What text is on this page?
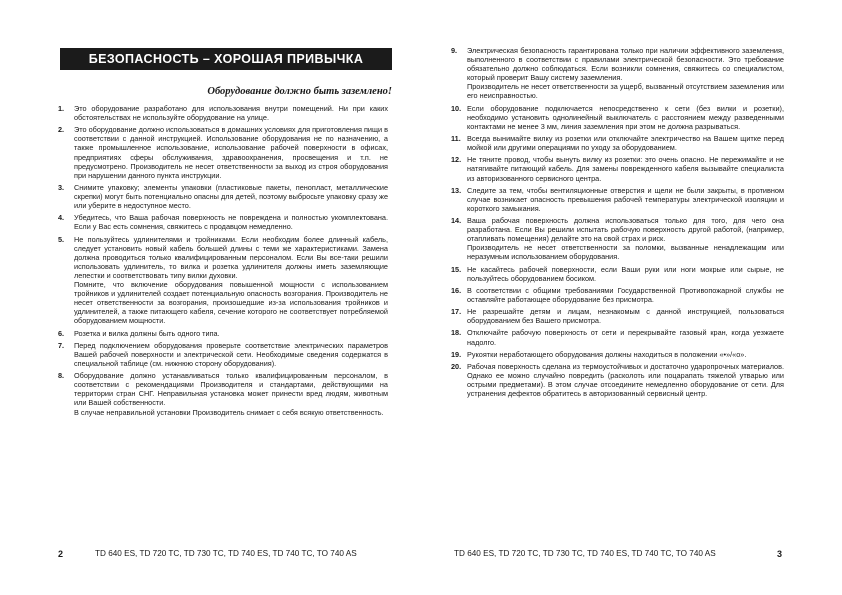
БЕЗОПАСНОСТЬ – ХОРОШАЯ ПРИВЫЧКА
Оборудование должно быть заземлено!
1.	Это оборудование разработано для использования внутри помещений. Ни при каких обстоятельствах не используйте оборудование на улице.

2.	Это оборудование должно использоваться в домашних условиях для приготовления пищи в соответствии с данной инструкцией. Использование оборудования не по назначению, а также промышленное использование, использование рабочей поверхности в офисах, предприятиях сферы обслуживания, здравоохранения, просвещения и т.п. не предусмотрено. Производитель не несет ответственности за выход из строя оборудования при нарушении данного пункта инструкции.

3.	Снимите упаковку; элементы упаковки (пластиковые пакеты, пенопласт, металлические скрепки) могут быть потенциально опасны для детей, поэтому выбросьте упаковку сразу же или уберите в недоступное место.

4.	Убедитесь, что Ваша рабочая поверхность не повреждена и полностью укомплектована. Если у Вас есть сомнения, свяжитесь с продавцом немедленно.

5.	Не пользуйтесь удлинителями и тройниками. Если необходим более длинный кабель, следует установить новый кабель большей длины с теми же характеристиками. Замена должна проводиться только квалифицированным персоналом. Если Вы все-таки решили использовать удлинитель, то вилка и розетка удлинителя должны иметь заземляющие лепестки и соответствовать типу вилки духовки.

Помните, что включение оборудования повышенной мощности с использованием тройников и удлинителей создает потенциальную опасность возгорания. Производитель не несет ответственности за возгорания, произошедшие из-за использования тройников и удлинителей, а также питающего кабеля, сечение которого не соответствует потребляемой оборудованием мощности.

6.	Розетка и вилка должны быть одного типа.

7.	Перед подключением оборудования проверьте соответствие электрических параметров Вашей рабочей поверхности и электрической сети. Необходимые сведения содержатся в специальной таблице (см. нижнюю сторону оборудования).

8.	Оборудование должно устанавливаться только квалифицированным персоналом, в соответствии с рекомендациями Производителя и стандартами, действующими на территории стран СНГ. Неправильная установка может принести вред людям, животным или Вашей собственности.

В случае неправильной установки Производитель снимает с себя всякую ответственность.

2	TD 640 ES, TD 720 TC, TD 730 TC, TD 740 ES, TD 740 TC, TO 740 AS
9.	Электрическая безопасность гарантирована только при наличии эффективного заземления, выполненного в соответствии с правилами электрической безопасности. Это требование обязательно должно соблюдаться. Если возникли сомнения, свяжитесь со специалистом, который проверит Вашу систему заземления.

Производитель не несет ответственности за ущерб, вызванный отсутствием заземления или его неисправностью.

10. Если оборудование подключается непосредственно к сети (без вилки и розетки), необходимо установить однолинейный выключатель с расстоянием между разведенными контактами не менее 3 мм, линия заземления при этом не должна разрываться.

11. Всегда вынимайте вилку из розетки или отключайте электричество на Вашем щитке перед мойкой или другими операциями по уходу за оборудованием.

12. Не тяните провод, чтобы вынуть вилку из розетки: это очень опасно. Не пережимайте и не натягивайте питающий кабель. Для замены поврежденного кабеля вызывайте специалиста из авторизованного сервисного центра.

13. Следите за тем, чтобы вентиляционные отверстия и щели не были закрыты, в противном случае возникает опасность превышения рабочей температуры электрической изоляции и короткого замыкания.

14. Ваша рабочая поверхность должна использоваться только для того, для чего она разработана. Если Вы решили испытать рабочую поверхность другой работой, (например, отапливать помещения) делайте это на свой страх и риск.

Производитель не несет ответственности за поломки, вызванные ненадлежащим или неразумным использованием оборудования.

15. Не касайтесь рабочей поверхности, если Ваши руки или ноги мокрые или сырые, не пользуйтесь оборудованием босиком.

16. В соответствии с общими требованиями Государственной Противопожарной службы не оставляйте работающее оборудование без присмотра.

17. Не разрешайте детям и лицам, незнакомым с данной инструкцией, пользоваться оборудованием без Вашего присмотра.

18. Отключайте рабочую поверхность от сети и перекрывайте газовый кран, когда уезжаете надолго.

19. Рукоятки неработающего оборудования должны находиться в положении «•»/«о».

20. Рабочая поверхность сделана из термоустойчивых и достаточно ударопрочных материалов. Однако ее можно случайно повредить (расколоть или поцарапать тяжелой утварью или острыми предметами). В этом случае отсоедините немедленно оборудование от сети. Для устранения дефектов обратитесь в авторизованный сервисный центр.

TD 640 ES, TD 720 TC, TD 730 TC, TD 740 ES, TD 740 TC, TO 740 AS	3
